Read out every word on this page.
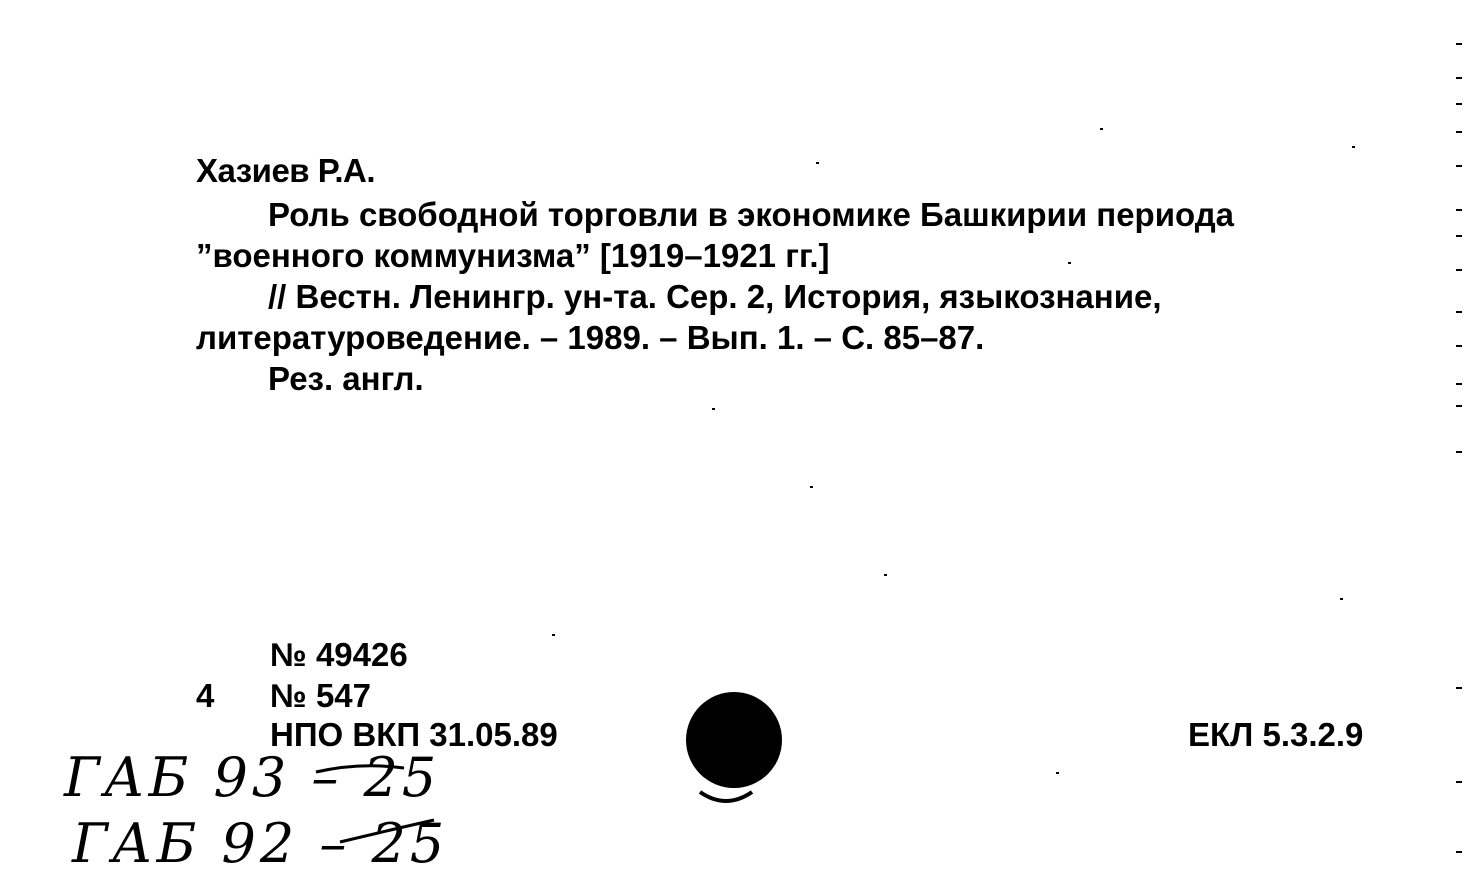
Хазиев Р.А.

Роль свободной торговли в экономике Башкирии периода

”военного коммунизма” [1919–1921 гг.]

// Вестн. Ленингр. ун-та. Сер. 2, История, языкознание,

литературоведение. – 1989. – Вып. 1. – С. 85–87.

Рез. англ.

№ 49426
4 № 547
НПО ВКП 31.05.89	ЕКЛ 5.3.2.9
ГАБ 93 – 25
ГАБ 92 – 25
